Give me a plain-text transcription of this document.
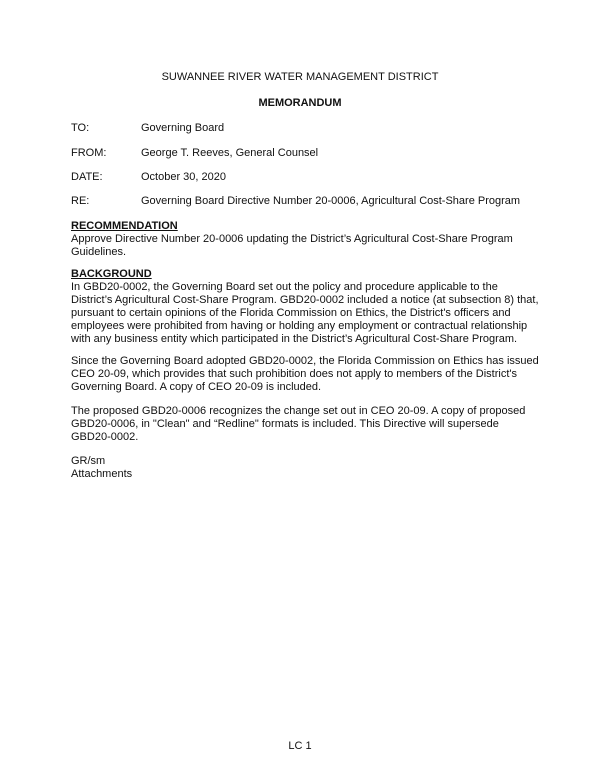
SUWANNEE RIVER WATER MANAGEMENT DISTRICT
MEMORANDUM
TO:	Governing Board
FROM:	George T. Reeves, General Counsel
DATE:	October 30, 2020
RE:	Governing Board Directive Number 20-0006, Agricultural Cost-Share Program
RECOMMENDATION

Approve Directive Number 20-0006 updating the District’s Agricultural Cost-Share Program Guidelines.

BACKGROUND

In GBD20-0002, the Governing Board set out the policy and procedure applicable to the District’s Agricultural Cost-Share Program. GBD20-0002 included a notice (at subsection 8) that, pursuant to certain opinions of the Florida Commission on Ethics, the District's officers and employees were prohibited from having or holding any employment or contractual relationship with any business entity which participated in the District’s Agricultural Cost-Share Program.

Since the Governing Board adopted GBD20-0002, the Florida Commission on Ethics has issued CEO 20-09, which provides that such prohibition does not apply to members of the District's Governing Board. A copy of CEO 20-09 is included.

The proposed GBD20-0006 recognizes the change set out in CEO 20-09. A copy of proposed GBD20-0006, in "Clean" and “Redline" formats is included. This Directive will supersede GBD20-0002.

GR/sm
Attachments
LC 1
